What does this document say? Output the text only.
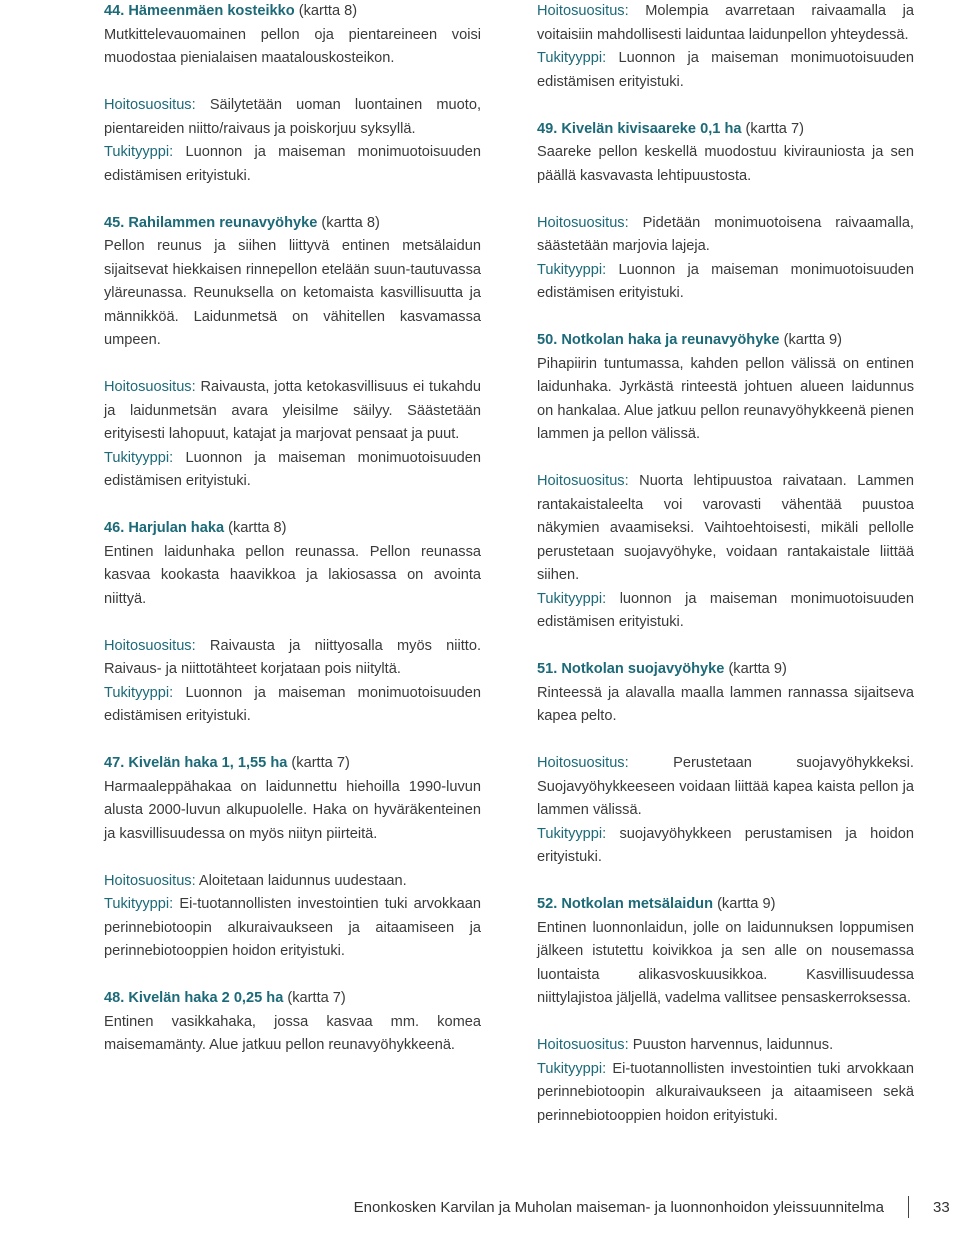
44. Hämeenmäen kosteikko (kartta 8)

Mutkittelevauomainen pellon oja pientareineen voisi muodostaa pienialaisen maatalouskosteikon.

Hoitosuositus: Säilytetään uoman luontainen muoto, pientareiden niitto/raivaus ja poiskorjuu syksyllä.

Tukityyppi: Luonnon ja maiseman monimuotoisuuden edistämisen erityistuki.

45. Rahilammen reunavyöhyke (kartta 8)

Pellon reunus ja siihen liittyvä entinen metsälaidun sijaitsevat hiekkaisen rinnepellon etelään suun-tautuvassa yläreunassa. Reunuksella on ketomaista kasvillisuutta ja männikköä. Laidunmetsä on vähitellen kasvamassa umpeen.

Hoitosuositus: Raivausta, jotta ketokasvillisuus ei tukahdu ja laidunmetsän avara yleisilme säilyy. Säästetään erityisesti lahopuut, katajat ja marjovat pensaat ja puut.

Tukityyppi: Luonnon ja maiseman monimuotoisuuden edistämisen erityistuki.

46. Harjulan haka (kartta 8)

Entinen laidunhaka pellon reunassa. Pellon reunassa kasvaa kookasta haavikkoa ja lakiosassa on avointa niittyä.

Hoitosuositus: Raivausta ja niittyosalla myös niitto. Raivaus- ja niittotähteet korjataan pois niityltä.

Tukityyppi: Luonnon ja maiseman monimuotoisuuden edistämisen erityistuki.

47. Kivelän haka 1, 1,55 ha (kartta 7)

Harmaaleppähakaa on laidunnettu hiehoilla 1990-luvun alusta 2000-luvun alkupuolelle. Haka on hyväräkenteinen ja kasvillisuudessa on myös niityn piirteitä.

Hoitosuositus: Aloitetaan laidunnus uudestaan.

Tukityyppi: Ei-tuotannollisten investointien tuki arvokkaan perinnebiotoopin alkuraivaukseen ja aitaamiseen ja perinnebiotooppien hoidon erityistuki.

48. Kivelän haka 2 0,25 ha (kartta 7)

Entinen vasikkahaka, jossa kasvaa mm. komea maisemamänty. Alue jatkuu pellon reunavyöhykkeenä.

Hoitosuositus: Molempia avarretaan raivaamalla ja voitaisiin mahdollisesti laiduntaa laidunpellon yhteydessä.

Tukityyppi: Luonnon ja maiseman monimuotoisuuden edistämisen erityistuki.

49. Kivelän kivisaareke 0,1 ha (kartta 7)

Saareke pellon keskellä muodostuu kivirauniosta ja sen päällä kasvavasta lehtipuustosta.

Hoitosuositus: Pidetään monimuotoisena raivaamalla, säästetään marjovia lajeja.

Tukityyppi: Luonnon ja maiseman monimuotoisuuden edistämisen erityistuki.

50. Notkolan haka ja reunavyöhyke (kartta 9)

Pihapiirin tuntumassa, kahden pellon välissä on entinen laidunhaka. Jyrkästä rinteestä johtuen alueen laidunnus on hankalaa. Alue jatkuu pellon reunavyöhykkeenä pienen lammen ja pellon välissä.

Hoitosuositus: Nuorta lehtipuustoa raivataan. Lammen rantakaistaleelta voi varovasti vähentää puustoa näkymien avaamiseksi. Vaihtoehtoisesti, mikäli pellolle perustetaan suojavyöhyke, voidaan rantakaistale liittää siihen.

Tukityyppi: luonnon ja maiseman monimuotoisuuden edistämisen erityistuki.

51. Notkolan suojavyöhyke (kartta 9)

Rinteessä ja alavalla maalla lammen rannassa sijaitseva kapea pelto.

Hoitosuositus:	Perustetaan suojavyöhykkeksi. Suojavyöhykkeeseen voidaan liittää kapea kaista pellon ja lammen välissä.

Tukityyppi: suojavyöhykkeen perustamisen ja hoidon erityistuki.

52. Notkolan metsälaidun (kartta 9)

Entinen luonnonlaidun, jolle on laidunnuksen loppumisen jälkeen istutettu koivikkoa ja sen alle on nousemassa luontaista alikasvoskuusikkoa. Kasvillisuudessa niittylajistoa jäljellä, vadelma vallitsee pensaskerroksessa.

Hoitosuositus: Puuston harvennus, laidunnus.

Tukityyppi: Ei-tuotannollisten investointien tuki arvokkaan perinnebiotoopin alkuraivaukseen ja aitaamiseen sekä perinnebiotooppien hoidon erityistuki.

Enonkosken Karvilan ja Muholan maiseman- ja luonnonhoidon yleissuunnitelma	33
